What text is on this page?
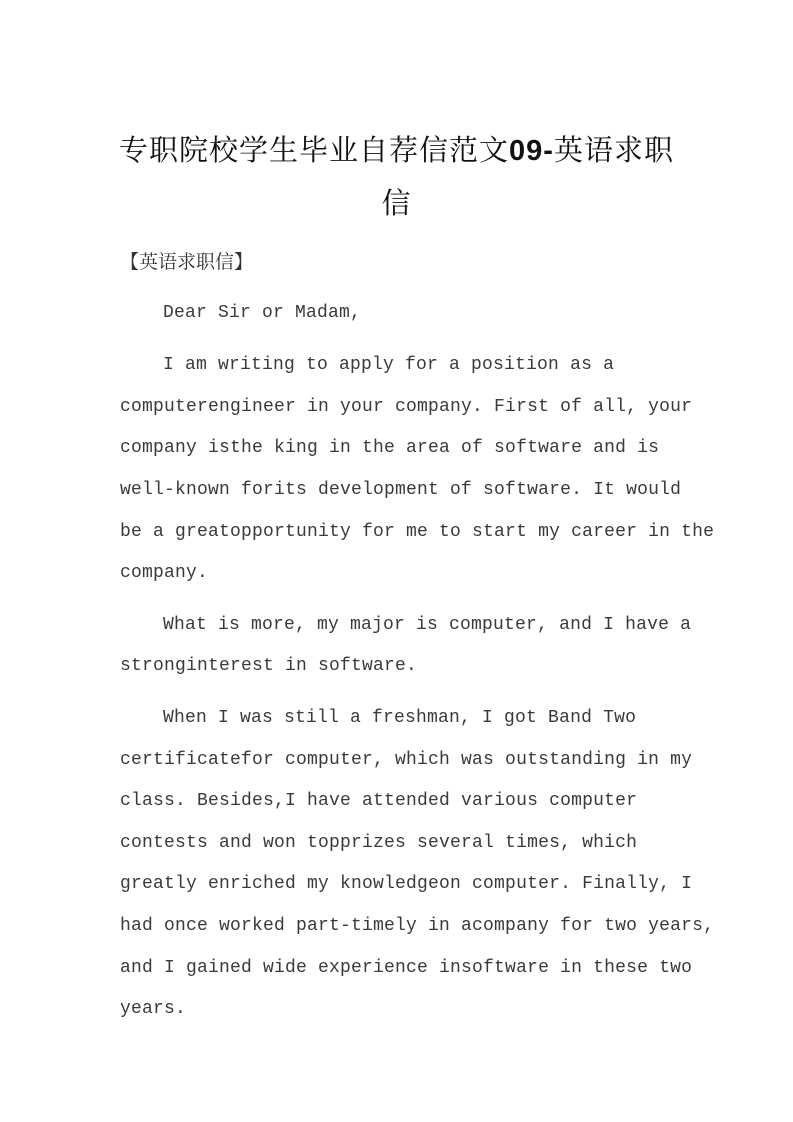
专职院校学生毕业自荐信范文09-英语求职
信
【英语求职信】
Dear Sir or Madam,
I am writing to apply for a position as a
computerengineer in your company. First of all, your
company isthe king in the area of software and is
well-known forits development of software. It would
be a greatopportunity for me to start my career in the
company.
What is more, my major is computer, and I have a
stronginterest in software.
When I was still a freshman, I got Band Two
certificatefor computer, which was outstanding in my
class. Besides,I have attended various computer
contests and won topprizes several times, which
greatly enriched my knowledgeon computer. Finally, I
had once worked part-timely in acompany for two years,
and I gained wide experience insoftware in these two
years.
